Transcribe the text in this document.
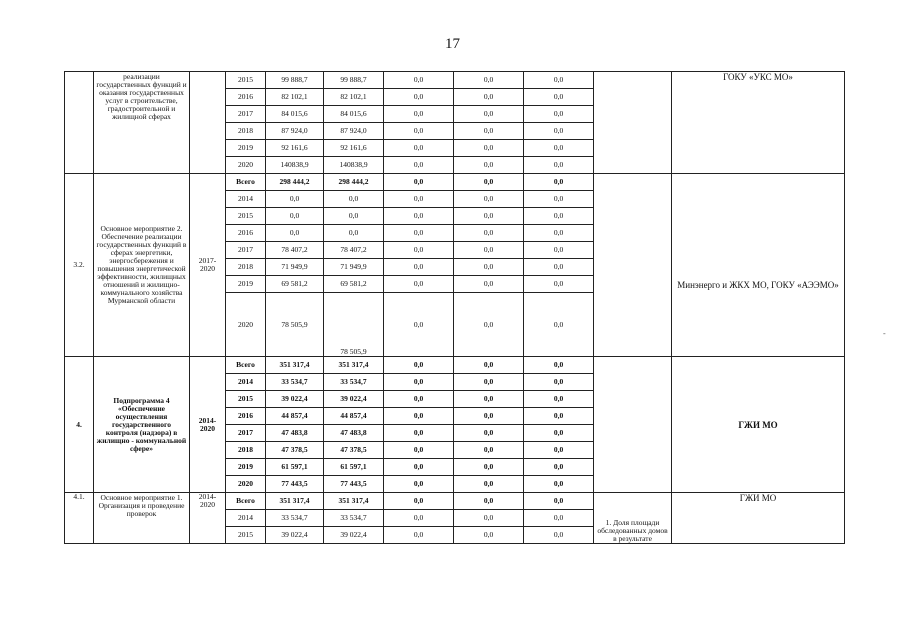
17
	реализации государственных функций и оказания государственных услуг в строительстве, градостроительной и жилищной сферах		2015	99 888,7	99 888,7	0,0	0,0	0,0		ГОКУ «УКС МО»
			2016	82 102,1	82 102,1	0,0	0,0	0,0		
			2017	84 015,6	84 015,6	0,0	0,0	0,0		
			2018	87 924,0	87 924,0	0,0	0,0	0,0		
			2019	92 161,6	92 161,6	0,0	0,0	0,0		
			2020	140838,9	140838,9	0,0	0,0	0,0		
3.2.	Основное мероприятие 2. Обеспечение реализации государственных функций в сферах энергетики, энергосбережения и повышения энергетической эффективности, жилищных отношений и жилищно-коммунального хозяйства Мурманской области	2017-2020	Всего	298 444,2	298 444,2	0,0	0,0	0,0		Минэнерго и ЖКХ МО, ГОКУ «АЭЭМО»
			2014	0,0	0,0	0,0	0,0	0,0		
			2015	0,0	0,0	0,0	0,0	0,0		
			2016	0,0	0,0	0,0	0,0	0,0		
			2017	78 407,2	78 407,2	0,0	0,0	0,0		
			2018	71 949,9	71 949,9	0,0	0,0	0,0		
			2019	69 581,2	69 581,2	0,0	0,0	0,0		
			2020	78 505,9	78 505,9	0,0	0,0	0,0		
4.	Подпрограмма 4 «Обеспечение осуществления государственного контроля (надзора) в жилищно - коммунальной сфере»	2014-2020	Всего	351 317,4	351 317,4	0,0	0,0	0,0		ГЖИ МО
			2014	33 534,7	33 534,7	0,0	0,0	0,0		
			2015	39 022,4	39 022,4	0,0	0,0	0,0		
			2016	44 857,4	44 857,4	0,0	0,0	0,0		
			2017	47 483,8	47 483,8	0,0	0,0	0,0		
			2018	47 378,5	47 378,5	0,0	0,0	0,0		
			2019	61 597,1	61 597,1	0,0	0,0	0,0		
			2020	77 443,5	77 443,5	0,0	0,0	0,0		
4.1.	Основное мероприятие 1. Организация и проведение проверок	2014-2020	Всего	351 317,4	351 317,4	0,0	0,0	0,0	1. Доля площади обследованных домов в результате	ГЖИ МО
			2014	33 534,7	33 534,7	0,0	0,0	0,0		
			2015	39 022,4	39 022,4	0,0	0,0	0,0		
-
